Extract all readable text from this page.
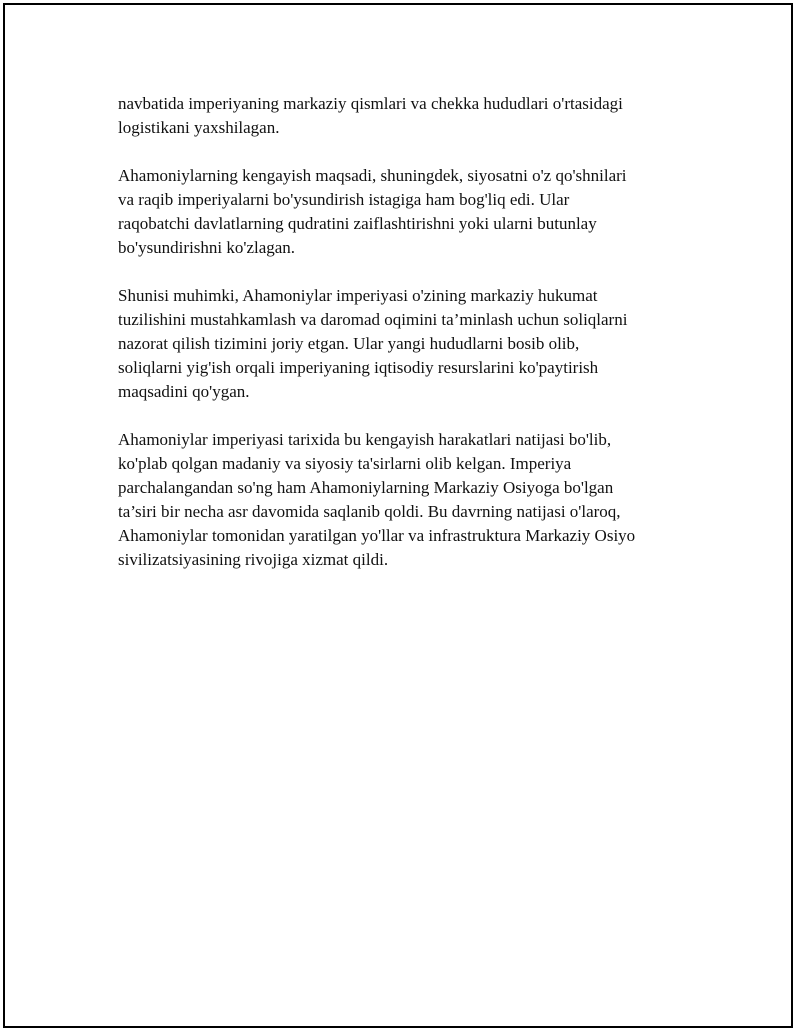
navbatida imperiyaning markaziy qismlari va chekka hududlari o'rtasidagi
logistikani yaxshilagan.

Ahamoniylarning kengayish maqsadi, shuningdek, siyosatni o'z qo'shnilari
va raqib imperiyalarni bo'ysundirish istagiga ham bog'liq edi. Ular
raqobatchi davlatlarning qudratini zaiflashtirishni yoki ularni butunlay
bo'ysundirishni ko'zlagan.

Shunisi muhimki, Ahamoniylar imperiyasi o'zining markaziy hukumat
tuzilishini mustahkamlash va daromad oqimini ta’minlash uchun soliqlarni
nazorat qilish tizimini joriy etgan. Ular yangi hududlarni bosib olib,
soliqlarni yig'ish orqali imperiyaning iqtisodiy resurslarini ko'paytirish
maqsadini qo'ygan.

Ahamoniylar imperiyasi tarixida bu kengayish harakatlari natijasi bo'lib,
ko'plab qolgan madaniy va siyosiy ta'sirlarni olib kelgan. Imperiya
parchalangandan so'ng ham Ahamoniylarning Markaziy Osiyoga bo'lgan
ta’siri bir necha asr davomida saqlanib qoldi. Bu davrning natijasi o'laroq,
Ahamoniylar tomonidan yaratilgan yo'llar va infrastruktura Markaziy Osiyo
sivilizatsiyasining rivojiga xizmat qildi.
